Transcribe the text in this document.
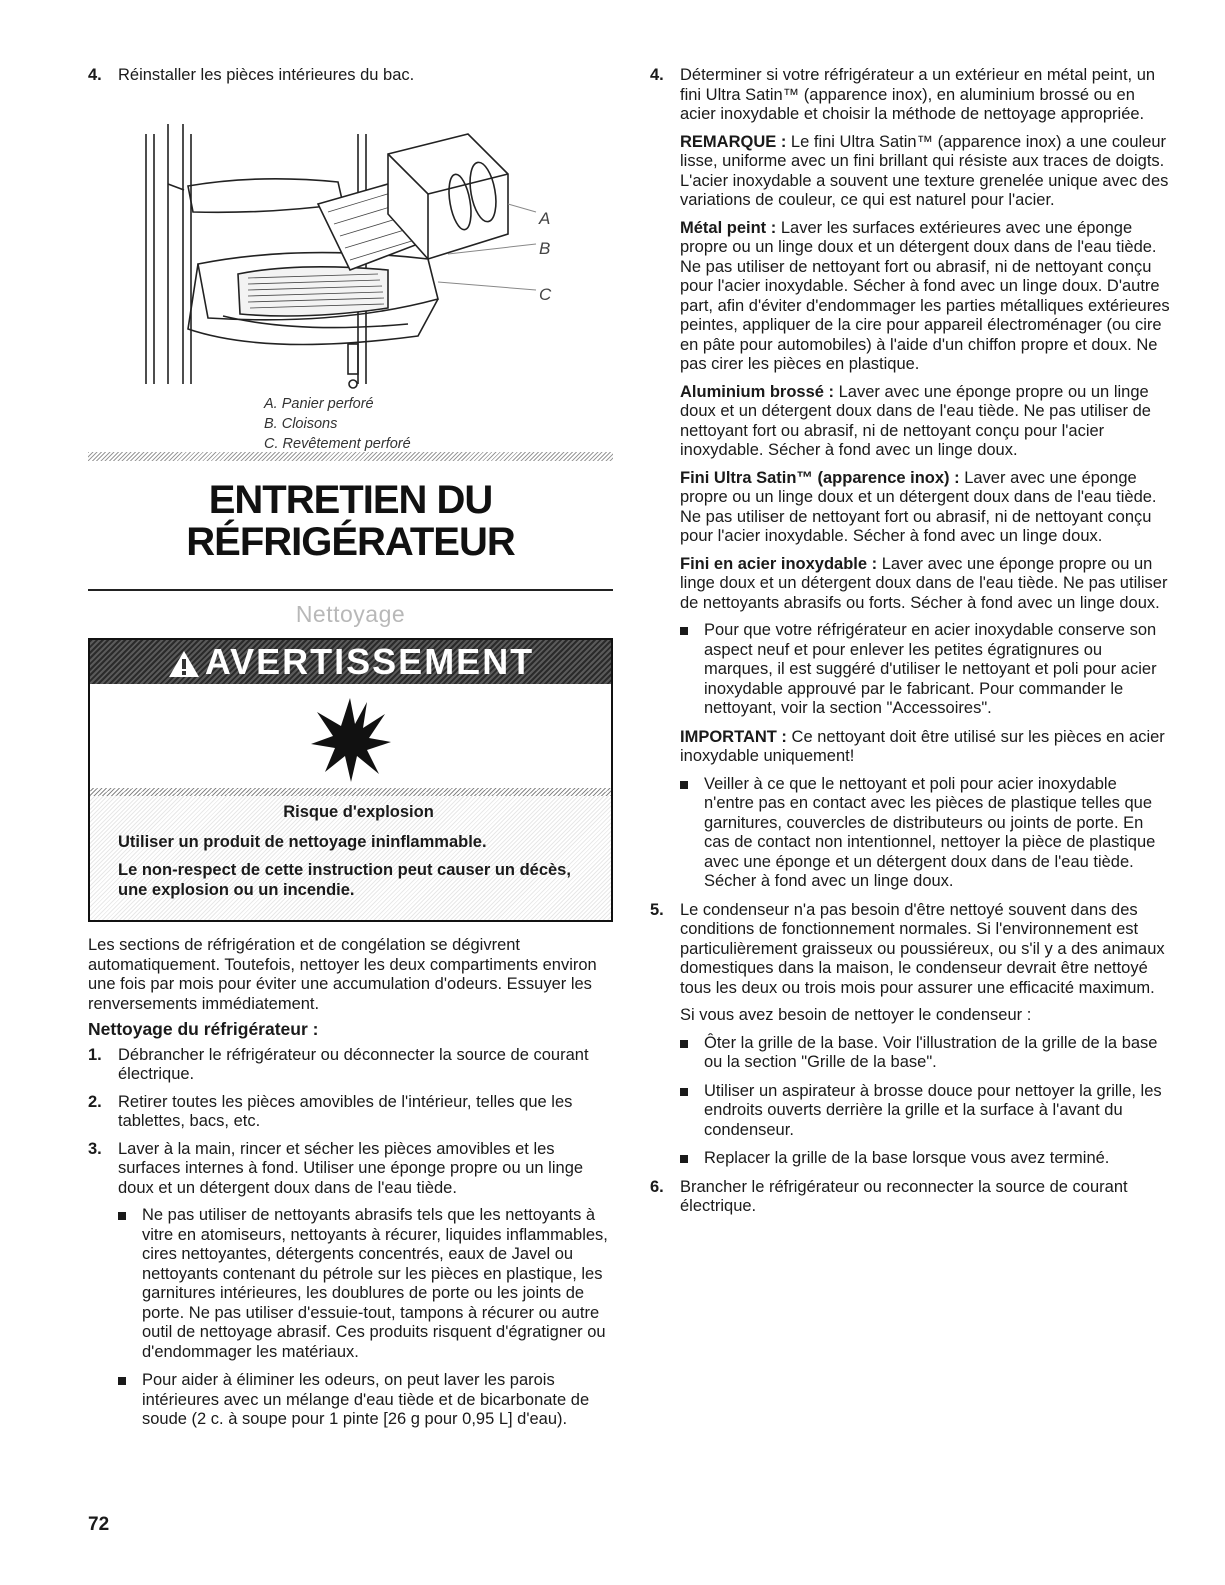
4. Réinstaller les pièces intérieures du bac.
A
B
C
A. Panier perforé
B. Cloisons
C. Revêtement perforé
ENTRETIEN DU
RÉFRIGÉRATEUR
Nettoyage
AVERTISSEMENT
Risque d'explosion

Utiliser un produit de nettoyage ininflammable.

Le non-respect de cette instruction peut causer un décès, une explosion ou un incendie.

Les sections de réfrigération et de congélation se dégivrent automatiquement. Toutefois, nettoyer les deux compartiments environ une fois par mois pour éviter une accumulation d'odeurs. Essuyer les renversements immédiatement.

Nettoyage du réfrigérateur :
1. Débrancher le réfrigérateur ou déconnecter la source de courant électrique.
2. Retirer toutes les pièces amovibles de l'intérieur, telles que les tablettes, bacs, etc.
3. Laver à la main, rincer et sécher les pièces amovibles et les surfaces internes à fond. Utiliser une éponge propre ou un linge doux et un détergent doux dans de l'eau tiède.
Ne pas utiliser de nettoyants abrasifs tels que les nettoyants à vitre en atomiseurs, nettoyants à récurer, liquides inflammables, cires nettoyantes, détergents concentrés, eaux de Javel ou nettoyants contenant du pétrole sur les pièces en plastique, les garnitures intérieures, les doublures de porte ou les joints de porte. Ne pas utiliser d'essuie-tout, tampons à récurer ou autre outil de nettoyage abrasif. Ces produits risquent d'égratigner ou d'endommager les matériaux.
Pour aider à éliminer les odeurs, on peut laver les parois intérieures avec un mélange d'eau tiède et de bicarbonate de soude (2 c. à soupe pour 1 pinte [26 g pour 0,95 L] d'eau).
4. Déterminer si votre réfrigérateur a un extérieur en métal peint, un fini Ultra Satin™ (apparence inox), en aluminium brossé ou en acier inoxydable et choisir la méthode de nettoyage appropriée.

REMARQUE : Le fini Ultra Satin™ (apparence inox) a une couleur lisse, uniforme avec un fini brillant qui résiste aux traces de doigts. L'acier inoxydable a souvent une texture grenelée unique avec des variations de couleur, ce qui est naturel pour l'acier.

Métal peint : Laver les surfaces extérieures avec une éponge propre ou un linge doux et un détergent doux dans de l'eau tiède. Ne pas utiliser de nettoyant fort ou abrasif, ni de nettoyant conçu pour l'acier inoxydable. Sécher à fond avec un linge doux. D'autre part, afin d'éviter d'endommager les parties métalliques extérieures peintes, appliquer de la cire pour appareil électroménager (ou cire en pâte pour automobiles) à l'aide d'un chiffon propre et doux. Ne pas cirer les pièces en plastique.

Aluminium brossé : Laver avec une éponge propre ou un linge doux et un détergent doux dans de l'eau tiède. Ne pas utiliser de nettoyant fort ou abrasif, ni de nettoyant conçu pour l'acier inoxydable. Sécher à fond avec un linge doux.

Fini Ultra Satin™ (apparence inox) : Laver avec une éponge propre ou un linge doux et un détergent doux dans de l'eau tiède. Ne pas utiliser de nettoyant fort ou abrasif, ni de nettoyant conçu pour l'acier inoxydable. Sécher à fond avec un linge doux.

Fini en acier inoxydable : Laver avec une éponge propre ou un linge doux et un détergent doux dans de l'eau tiède. Ne pas utiliser de nettoyants abrasifs ou forts. Sécher à fond avec un linge doux.

Pour que votre réfrigérateur en acier inoxydable conserve son aspect neuf et pour enlever les petites égratignures ou marques, il est suggéré d'utiliser le nettoyant et poli pour acier inoxydable approuvé par le fabricant. Pour commander le nettoyant, voir la section "Accessoires".

IMPORTANT : Ce nettoyant doit être utilisé sur les pièces en acier inoxydable uniquement!

Veiller à ce que le nettoyant et poli pour acier inoxydable n'entre pas en contact avec les pièces de plastique telles que garnitures, couvercles de distributeurs ou joints de porte. En cas de contact non intentionnel, nettoyer la pièce de plastique avec une éponge et un détergent doux dans de l'eau tiède. Sécher à fond avec un linge doux.
5. Le condenseur n'a pas besoin d'être nettoyé souvent dans des conditions de fonctionnement normales. Si l'environnement est particulièrement graisseux ou poussiéreux, ou s'il y a des animaux domestiques dans la maison, le condenseur devrait être nettoyé tous les deux ou trois mois pour assurer une efficacité maximum.

Si vous avez besoin de nettoyer le condenseur :

Ôter la grille de la base. Voir l'illustration de la grille de la base ou la section "Grille de la base".
Utiliser un aspirateur à brosse douce pour nettoyer la grille, les endroits ouverts derrière la grille et la surface à l'avant du condenseur.
Replacer la grille de la base lorsque vous avez terminé.
6. Brancher le réfrigérateur ou reconnecter la source de courant électrique.
72
